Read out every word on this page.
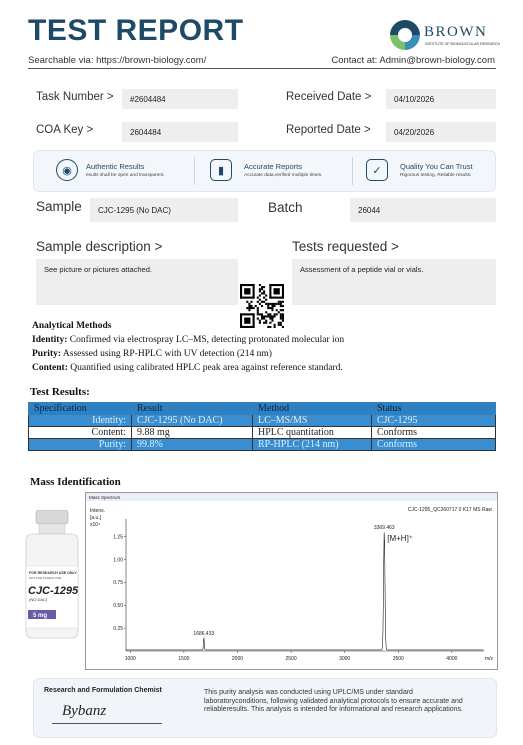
TEST REPORT	BROWN
INSTITUTE OF BIOMOLECULAR RESEARCH
Searchable via: https://brown-biology.com/	Contact at: Admin@brown-biology.com
Task Number >	#2604484	Received Date >	04/10/2026
COA Key >	2604484	Reported Date >	04/20/2026
◉	Authentic Results
esults shall be open and transparent.	▮	Accurate Reports
Accurate data,verified multiple times.	✓	Quality You Can Trust
Rigorous testing, Reliable results.
Sample	CJC-1295 (No DAC)	Batch	26044
Sample description >
See picture or pictures attached.
Tests requested >
Assessment of a peptide vial or vials.
Analytical Methods
Identity: Confirmed via electrospray LC–MS, detecting protonated molecular ion
Purity: Assessed using RP-HPLC with UV detection (214 nm)
Content: Quantified using calibrated HPLC peak area against reference standard.
Test Results:
Specification	Result	Method	Status
Identity:	CJC-1295 (No DAC)	LC–MS/MS	CJC-1295
Content:	9.88 mg	HPLC quantitation	Conforms
Purity:	99.8%	RP-HPLC (214 nm)	Conforms
Mass Identification
FOR RESEARCH USE ONLY
NOT FOR HUMAN USE
CJC-1295
(NO DAC)
5 mg
Mass Spectrum
CJC-1295_QC260717 0 K17 MS Raw
Intens.
[a.u.]
x10⁴
1.25
1.00
0.75
0.50
0.25
1000	1500	2000	2500	3000	3500	4000
1686.433
3369.463
[M+H]⁺
m/z
Research and Formulation Chemist
Bybanz
This purity analysis was conducted using UPLC/MS under standard laboratoryconditions, following validated analytical protocols to ensure accurate and reliableresults. This analysis is intended for informational and research applications.
